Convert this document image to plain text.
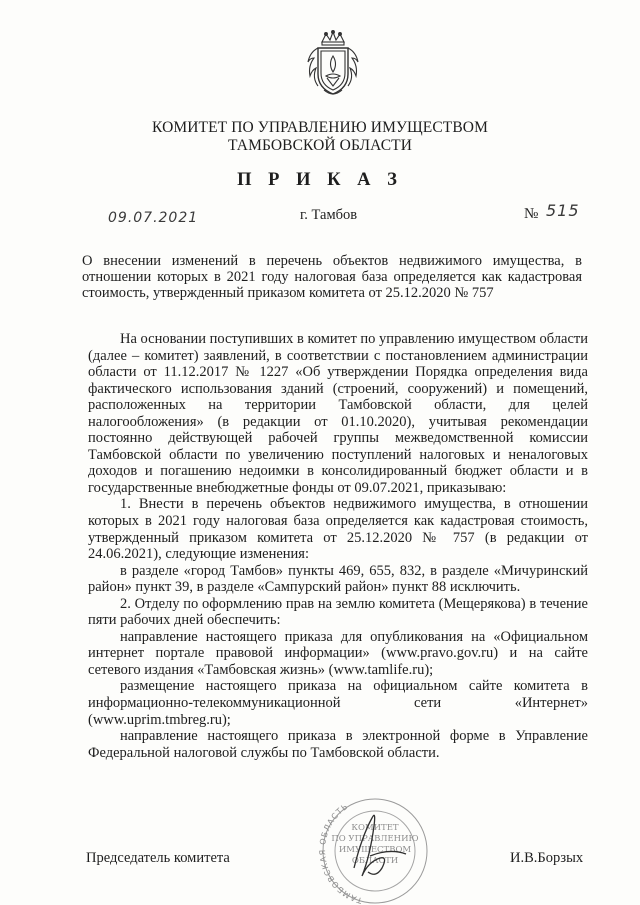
КОМИТЕТ ПО УПРАВЛЕНИЮ ИМУЩЕСТВОМ
ТАМБОВСКОЙ ОБЛАСТИ
П Р И К А З
09.07.2021	г. Тамбов	№ 515
О внесении изменений в перечень объектов недвижимого имущества, в отношении которых в 2021 году налоговая база определяется как кадастровая стоимость, утвержденный приказом комитета от 25.12.2020 № 757

На основании поступивших в комитет по управлению имуществом области (далее – комитет) заявлений, в соответствии с постановлением администрации области от 11.12.2017 № 1227 «Об утверждении Порядка определения вида фактического использования зданий (строений, сооружений) и помещений, расположенных на территории Тамбовской области, для целей налогообложения» (в редакции от 01.10.2020), учитывая рекомендации постоянно действующей рабочей группы межведомственной комиссии Тамбовской области по увеличению поступлений налоговых и неналоговых доходов и погашению недоимки в консолидированный бюджет области и в государственные внебюджетные фонды от 09.07.2021, приказываю:

1. Внести в перечень объектов недвижимого имущества, в отношении которых в 2021 году налоговая база определяется как кадастровая стоимость, утвержденный приказом комитета от 25.12.2020 № 757 (в редакции от 24.06.2021), следующие изменения:

в разделе «город Тамбов» пункты 469, 655, 832, в разделе «Мичуринский район» пункт 39, в разделе «Сампурский район» пункт 88 исключить.

2. Отделу по оформлению прав на землю комитета (Мещерякова) в течение пяти рабочих дней обеспечить:

направление настоящего приказа для опубликования на «Официальном интернет портале правовой информации» (www.pravo.gov.ru) и на сайте сетевого издания «Тамбовская жизнь» (www.tamlife.ru);

размещение настоящего приказа на официальном сайте комитета в информационно-телекоммуникационной сети «Интернет» (www.uprim.tmbreg.ru);

направление настоящего приказа в электронной форме в Управление Федеральной налоговой службы по Тамбовской области.

ТАМБОВСКАЯ ОБЛАСТЬ
КОМИТЕТ
ПО УПРАВЛЕНИЮ
ИМУЩЕСТВОМ
ОБЛАСТИ
Председатель комитета	И.В.Борзых
